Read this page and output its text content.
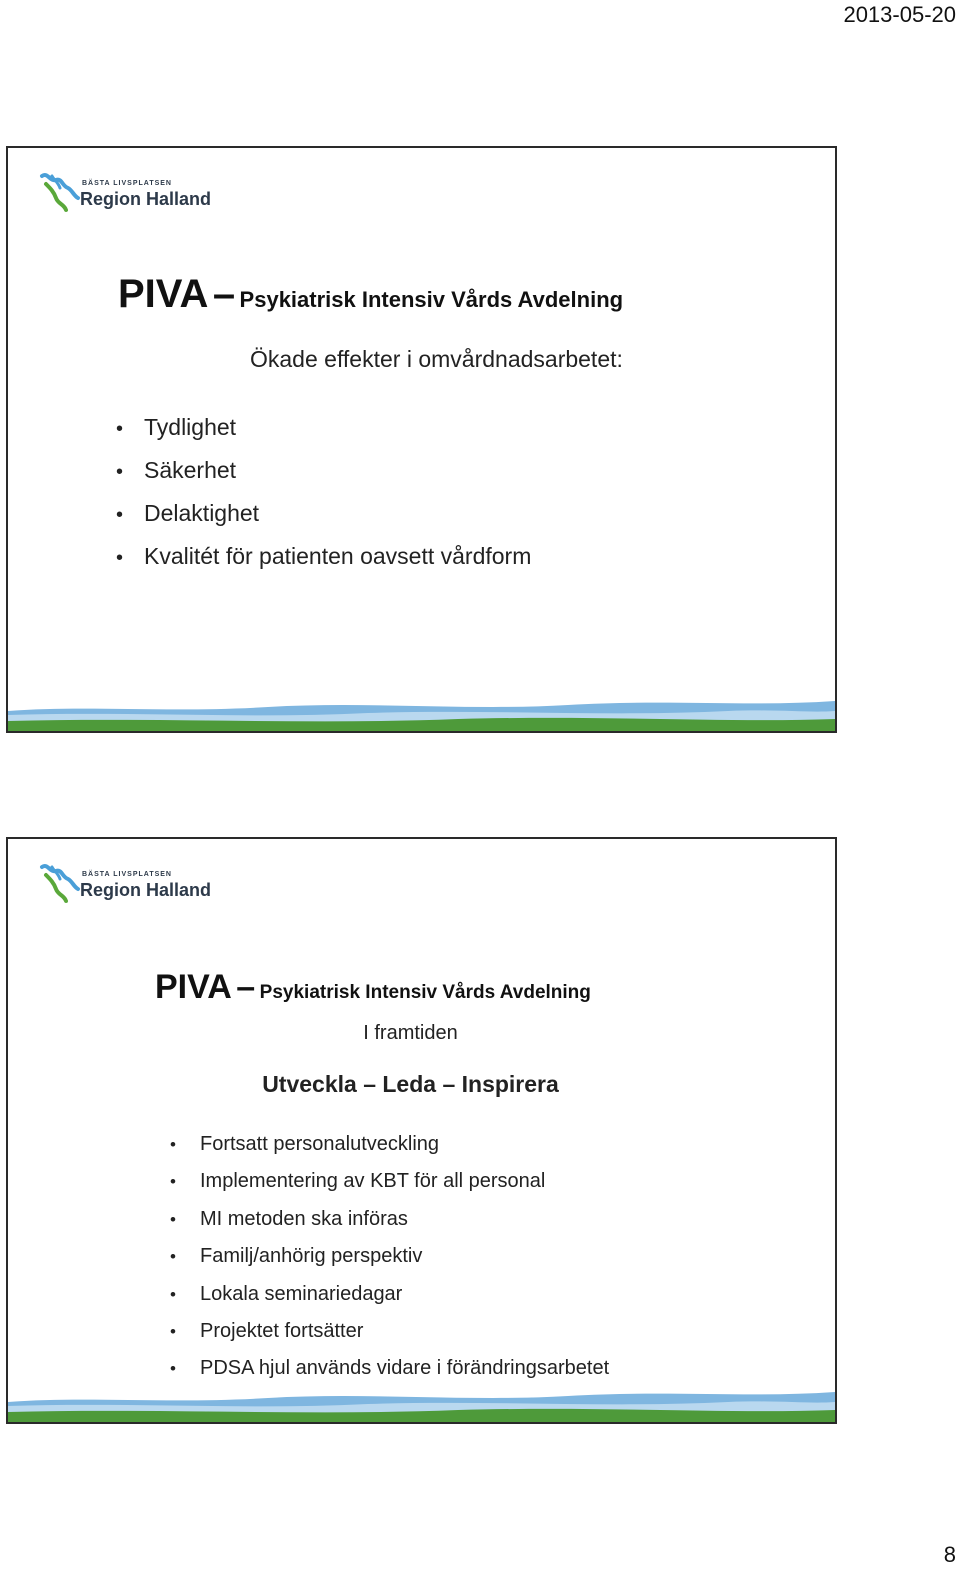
2013-05-20
BÄSTA LIVSPLATSEN
Region Halland
PIVA – Psykiatrisk Intensiv Vårds Avdelning
Ökade effekter i omvårdnadsarbetet:
• Tydlighet
• Säkerhet
• Delaktighet
• Kvalitét för patienten oavsett vårdform
BÄSTA LIVSPLATSEN
Region Halland
PIVA – Psykiatrisk Intensiv Vårds Avdelning
I framtiden
Utveckla – Leda – Inspirera
• Fortsatt personalutveckling
• Implementering av KBT för all personal
• MI metoden ska införas
• Familj/anhörig perspektiv
• Lokala seminariedagar
• Projektet fortsätter
• PDSA hjul används vidare i förändringsarbetet
8
